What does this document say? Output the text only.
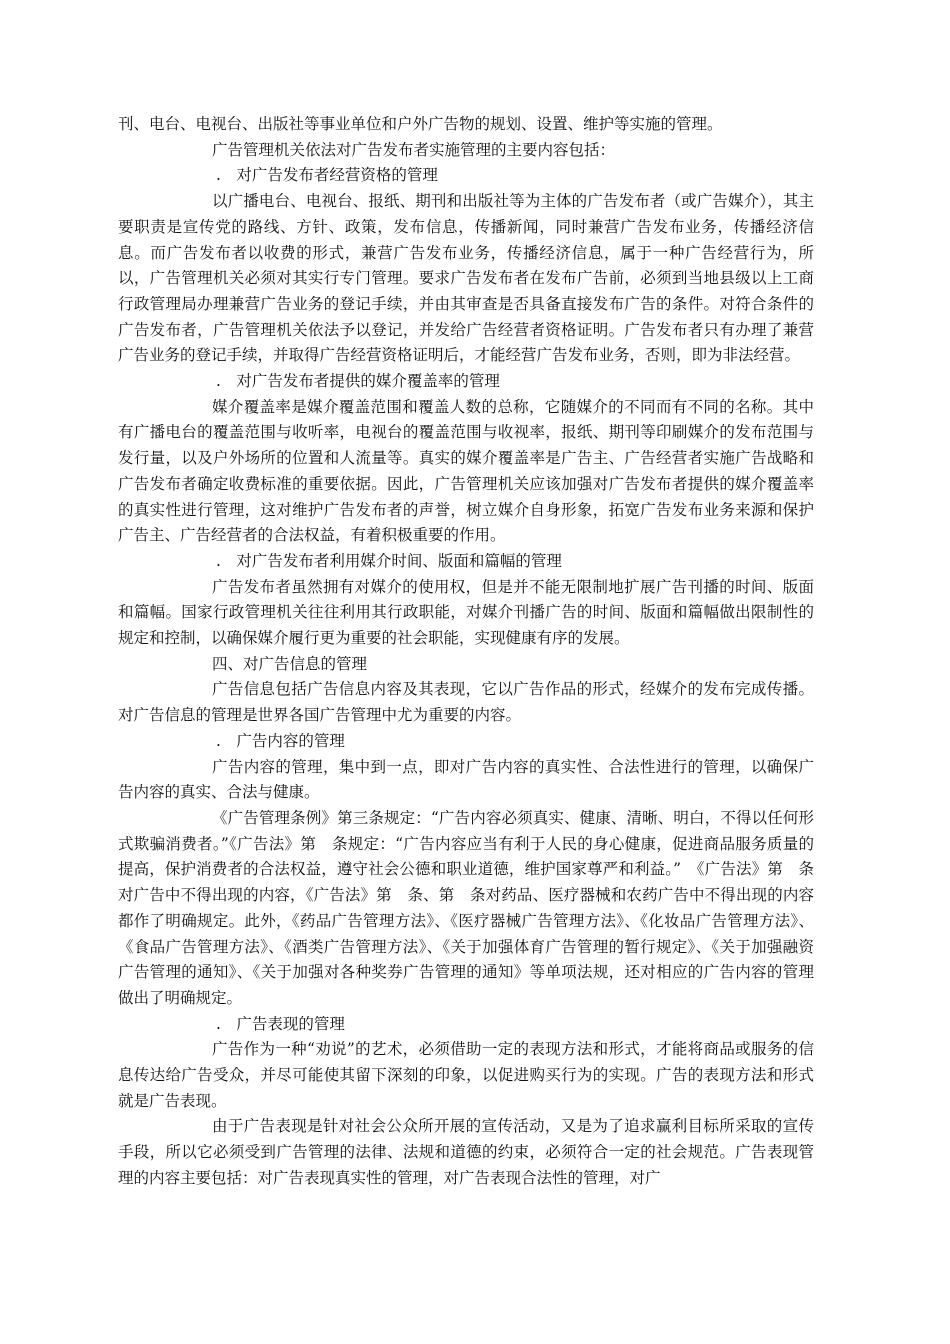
刊、电台、电视台、出版社等事业单位和户外广告物的规划、设置、维护等实施的管理。

广告管理机关依法对广告发布者实施管理的主要内容包括：

.　对广告发布者经营资格的管理

以广播电台、电视台、报纸、期刊和出版社等为主体的广告发布者（或广告媒介），其主要职责是宣传党的路线、方针、政策，发布信息，传播新闻，同时兼营广告发布业务，传播经济信息。而广告发布者以收费的形式，兼营广告发布业务，传播经济信息，属于一种广告经营行为，所以，广告管理机关必须对其实行专门管理。要求广告发布者在发布广告前，必须到当地县级以上工商行政管理局办理兼营广告业务的登记手续，并由其审查是否具备直接发布广告的条件。对符合条件的广告发布者，广告管理机关依法予以登记，并发给广告经营者资格证明。广告发布者只有办理了兼营广告业务的登记手续，并取得广告经营资格证明后，才能经营广告发布业务，否则，即为非法经营。

.　对广告发布者提供的媒介覆盖率的管理

媒介覆盖率是媒介覆盖范围和覆盖人数的总称，它随媒介的不同而有不同的名称。其中有广播电台的覆盖范围与收听率，电视台的覆盖范围与收视率，报纸、期刊等印刷媒介的发布范围与发行量，以及户外场所的位置和人流量等。真实的媒介覆盖率是广告主、广告经营者实施广告战略和广告发布者确定收费标准的重要依据。因此，广告管理机关应该加强对广告发布者提供的媒介覆盖率的真实性进行管理，这对维护广告发布者的声誉，树立媒介自身形象，拓宽广告发布业务来源和保护广告主、广告经营者的合法权益，有着积极重要的作用。

.　对广告发布者利用媒介时间、版面和篇幅的管理

广告发布者虽然拥有对媒介的使用权，但是并不能无限制地扩展广告刊播的时间、版面和篇幅。国家行政管理机关往往利用其行政职能，对媒介刊播广告的时间、版面和篇幅做出限制性的规定和控制，以确保媒介履行更为重要的社会职能，实现健康有序的发展。

四、对广告信息的管理

广告信息包括广告信息内容及其表现，它以广告作品的形式，经媒介的发布完成传播。对广告信息的管理是世界各国广告管理中尤为重要的内容。

.　广告内容的管理

广告内容的管理，集中到一点，即对广告内容的真实性、合法性进行的管理，以确保广告内容的真实、合法与健康。

《广告管理条例》第三条规定：“广告内容必须真实、健康、清晰、明白，不得以任何形式欺骗消费者。”《广告法》第　条规定：“广告内容应当有利于人民的身心健康，促进商品服务质量的提高，保护消费者的合法权益，遵守社会公德和职业道德，维护国家尊严和利益。”　《广告法》第　条对广告中不得出现的内容，《广告法》第　条、第　条对药品、医疗器械和农药广告中不得出现的内容都作了明确规定。此外，《药品广告管理方法》、《医疗器械广告管理方法》、《化妆品广告管理方法》、《食品广告管理方法》、《酒类广告管理方法》、《关于加强体育广告管理的暂行规定》、《关于加强融资广告管理的通知》、《关于加强对各种奖券广告管理的通知》等单项法规，还对相应的广告内容的管理做出了明确规定。

.　广告表现的管理

广告作为一种“劝说”的艺术，必须借助一定的表现方法和形式，才能将商品或服务的信息传达给广告受众，并尽可能使其留下深刻的印象，以促进购买行为的实现。广告的表现方法和形式就是广告表现。

由于广告表现是针对社会公众所开展的宣传活动，又是为了追求赢利目标所采取的宣传手段，所以它必须受到广告管理的法律、法规和道德的约束，必须符合一定的社会规范。广告表现管理的内容主要包括：对广告表现真实性的管理，对广告表现合法性的管理，对广
